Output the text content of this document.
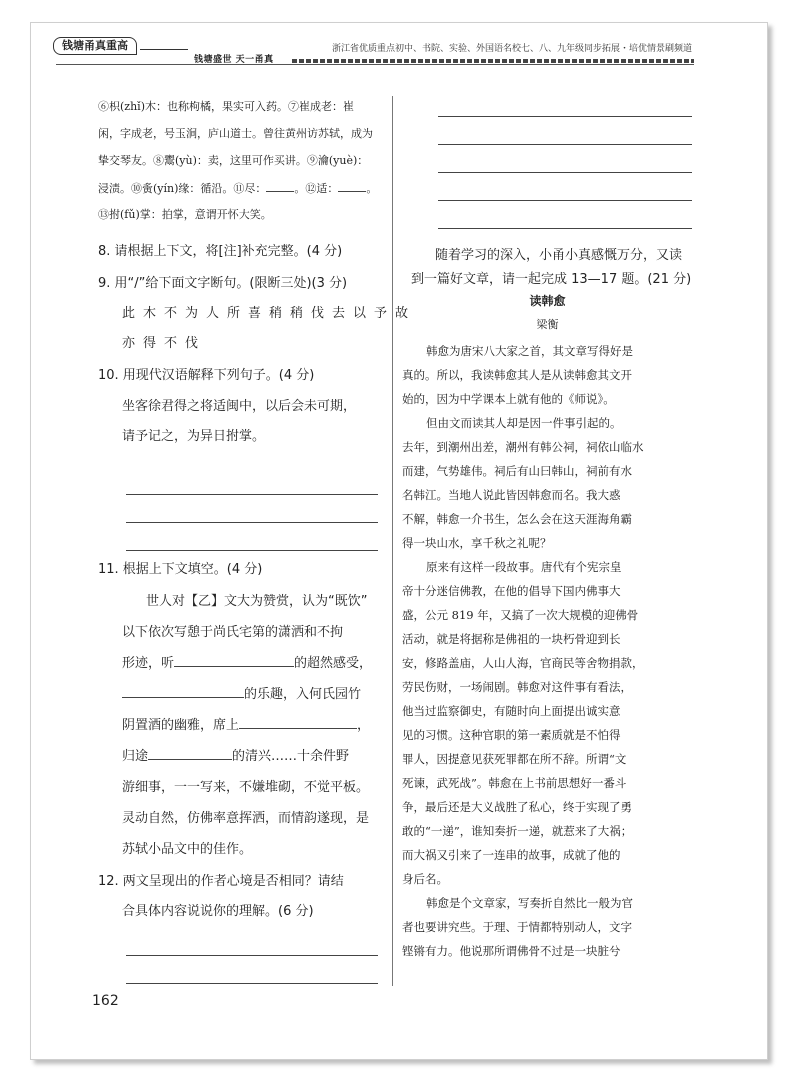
钱塘甬真重高
钱塘盛世 天一甬真
浙江省优质重点初中、书院、实验、外国语名校七、八、九年级同步拓展・培优情景刷频道
⑥枳(zhǐ)木：也称枸橘，果实可入药。⑦崔成老：崔
闲，字成老，号玉涧，庐山道士。曾往黄州访苏轼，成为
挚交琴友。⑧鬻(yù)：卖，这里可作买讲。⑨瀹(yuè)：
浸渍。⑩夤(yín)缘：循沿。⑪尽：	。⑫适：	。
⑬拊(fǔ)掌：拍掌，意谓开怀大笑。
8. 请根据上下文，将[注]补充完整。(4 分)
9. 用“/”给下面文字断句。(限断三处)(3 分)
此木不为人所喜稍稍伐去以予故
亦得不伐
10. 用现代汉语解释下列句子。(4 分)
坐客徐君得之将适闽中，以后会未可期，
请予记之，为异日拊掌。
11. 根据上下文填空。(4 分)
世人对【乙】文大为赞赏，认为“既饮”
以下依次写憩于尚氏宅第的潇洒和不拘
形迹，听	的超然感受，
的乐趣，入何氏园竹
阴置酒的幽雅，席上	，
归途	的清兴……十余件野
游细事，一一写来，不嫌堆砌，不觉平板。
灵动自然，仿佛率意挥洒，而情韵遂现，是
苏轼小品文中的佳作。
12. 两文呈现出的作者心境是否相同？请结
合具体内容说说你的理解。(6 分)
随着学习的深入，小甬小真感慨万分，又读
到一篇好文章，请一起完成 13—17 题。(21 分)
读韩愈
梁衡
韩愈为唐宋八大家之首，其文章写得好是
真的。所以，我读韩愈其人是从读韩愈其文开
始的，因为中学课本上就有他的《师说》。
但由文而读其人却是因一件事引起的。
去年，到潮州出差，潮州有韩公祠，祠依山临水
而建，气势雄伟。祠后有山曰韩山，祠前有水
名韩江。当地人说此皆因韩愈而名。我大惑
不解，韩愈一介书生，怎么会在这天涯海角霸
得一块山水，享千秋之礼呢？
原来有这样一段故事。唐代有个宪宗皇
帝十分迷信佛教，在他的倡导下国内佛事大
盛，公元 819 年，又搞了一次大规模的迎佛骨
活动，就是将据称是佛祖的一块朽骨迎到长
安，修路盖庙，人山人海，官商民等舍物捐款，
劳民伤财，一场闹剧。韩愈对这件事有看法，
他当过监察御史，有随时向上面提出诚实意
见的习惯。这种官职的第一素质就是不怕得
罪人，因提意见获死罪都在所不辞。所谓“文
死谏，武死战”。韩愈在上书前思想好一番斗
争，最后还是大义战胜了私心，终于实现了勇
敢的“一递”，谁知奏折一递，就惹来了大祸；
而大祸又引来了一连串的故事，成就了他的
身后名。
韩愈是个文章家，写奏折自然比一般为官
者也要讲究些。于理、于情都特别动人，文字
铿锵有力。他说那所谓佛骨不过是一块脏兮
162
